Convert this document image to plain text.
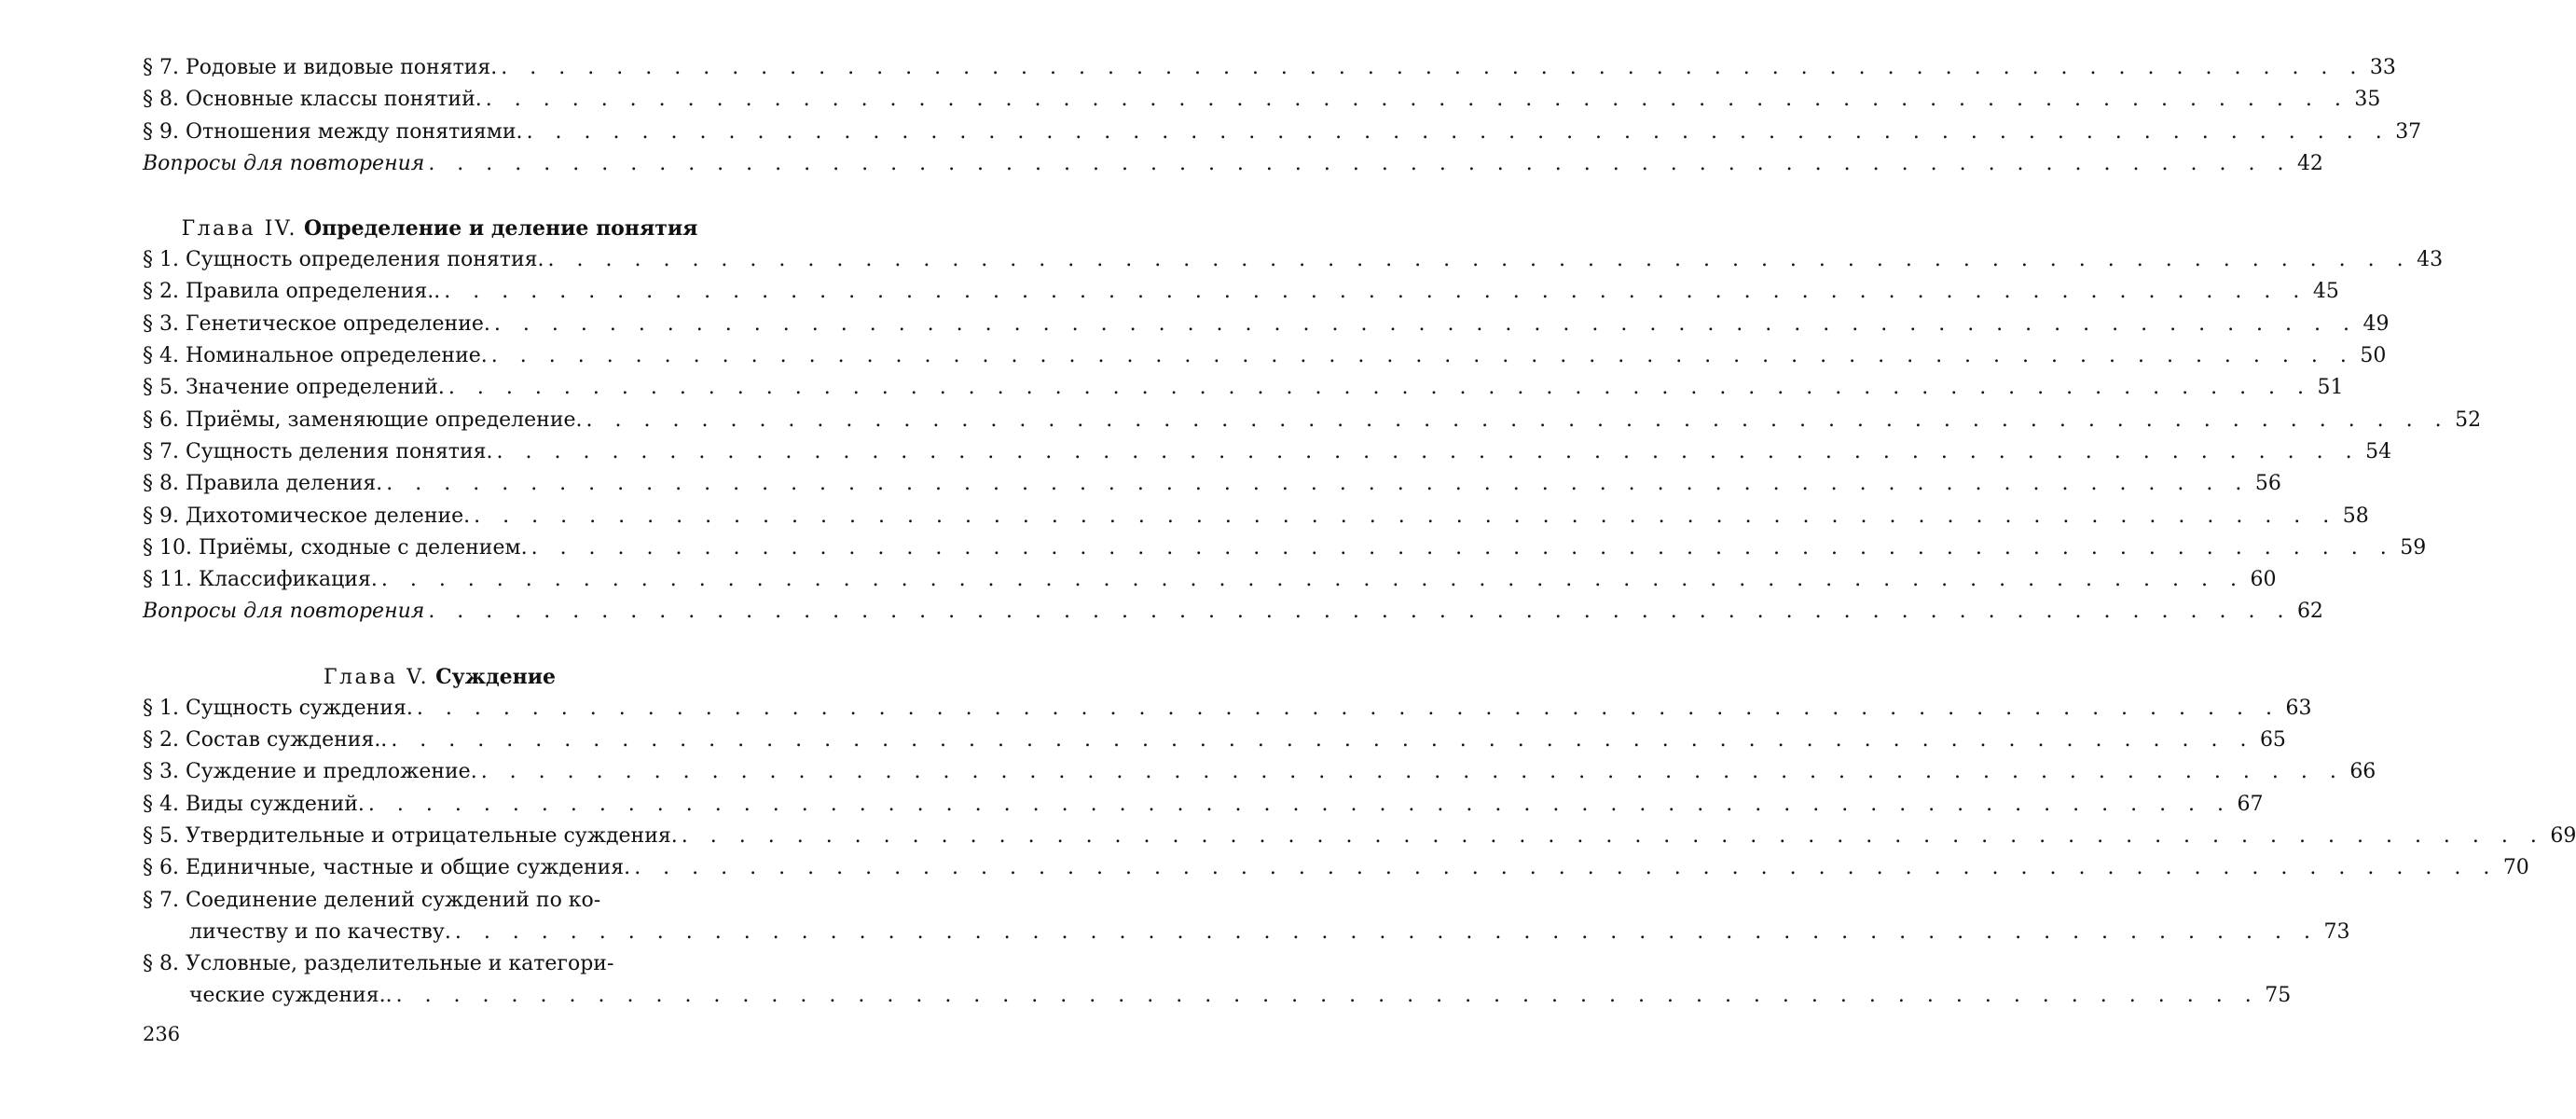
§ 7. Родовые и видовые понятия. . . . . . . . . . . . . . . . . . . . . . . . . . . . . . . . . . . . . . . . . . . . . . . . . . . . . . . . . . . . . . . . . . 33
§ 8. Основные классы понятий. . . . . . . . . . . . . . . . . . . . . . . . . . . . . . . . . . . . . . . . . . . . . . . . . . . . . . . . . . . . . . . . . . 35
§ 9. Отношения между понятиями. . . . . . . . . . . . . . . . . . . . . . . . . . . . . . . . . . . . . . . . . . . . . . . . . . . . . . . . . . . . . . . . . . 37
Вопросы для повторения . . . . . . . . . . . . . . . . . . . . . . . . . . . . . . . . . . . . . . . . . . . . . . . . . . . . . . . . . . . . . . . . . 42
Глава IV. Определение и деление понятия
§ 1. Сущность определения понятия. . . . . . . . . . . . . . . . . . . . . . . . . . . . . . . . . . . . . . . . . . . . . . . . . . . . . . . . . . . . . . . . . . 43
§ 2. Правила определения.. . . . . . . . . . . . . . . . . . . . . . . . . . . . . . . . . . . . . . . . . . . . . . . . . . . . . . . . . . . . . . . . . . 45
§ 3. Генетическое определение. . . . . . . . . . . . . . . . . . . . . . . . . . . . . . . . . . . . . . . . . . . . . . . . . . . . . . . . . . . . . . . . . . 49
§ 4. Номинальное определение. . . . . . . . . . . . . . . . . . . . . . . . . . . . . . . . . . . . . . . . . . . . . . . . . . . . . . . . . . . . . . . . . . 50
§ 5. Значение определений. . . . . . . . . . . . . . . . . . . . . . . . . . . . . . . . . . . . . . . . . . . . . . . . . . . . . . . . . . . . . . . . . . 51
§ 6. Приёмы, заменяющие определение. . . . . . . . . . . . . . . . . . . . . . . . . . . . . . . . . . . . . . . . . . . . . . . . . . . . . . . . . . . . . . . . . . 52
§ 7. Сущность деления понятия. . . . . . . . . . . . . . . . . . . . . . . . . . . . . . . . . . . . . . . . . . . . . . . . . . . . . . . . . . . . . . . . . . 54
§ 8. Правила деления. . . . . . . . . . . . . . . . . . . . . . . . . . . . . . . . . . . . . . . . . . . . . . . . . . . . . . . . . . . . . . . . . . 56
§ 9. Дихотомическое деление. . . . . . . . . . . . . . . . . . . . . . . . . . . . . . . . . . . . . . . . . . . . . . . . . . . . . . . . . . . . . . . . . . 58
§ 10. Приёмы, сходные с делением. . . . . . . . . . . . . . . . . . . . . . . . . . . . . . . . . . . . . . . . . . . . . . . . . . . . . . . . . . . . . . . . . . 59
§ 11. Классификация. . . . . . . . . . . . . . . . . . . . . . . . . . . . . . . . . . . . . . . . . . . . . . . . . . . . . . . . . . . . . . . . . . 60
Вопросы для повторения . . . . . . . . . . . . . . . . . . . . . . . . . . . . . . . . . . . . . . . . . . . . . . . . . . . . . . . . . . . . . . . . . 62
Глава V. Суждение
§ 1. Сущность суждения. . . . . . . . . . . . . . . . . . . . . . . . . . . . . . . . . . . . . . . . . . . . . . . . . . . . . . . . . . . . . . . . . . 63
§ 2. Состав суждения.. . . . . . . . . . . . . . . . . . . . . . . . . . . . . . . . . . . . . . . . . . . . . . . . . . . . . . . . . . . . . . . . . . 65
§ 3. Суждение и предложение. . . . . . . . . . . . . . . . . . . . . . . . . . . . . . . . . . . . . . . . . . . . . . . . . . . . . . . . . . . . . . . . . . 66
§ 4. Виды суждений. . . . . . . . . . . . . . . . . . . . . . . . . . . . . . . . . . . . . . . . . . . . . . . . . . . . . . . . . . . . . . . . . . 67
§ 5. Утвердительные и отрицательные суждения. . . . . . . . . . . . . . . . . . . . . . . . . . . . . . . . . . . . . . . . . . . . . . . . . . . . . . . . . . . . . . . . . . 69
§ 6. Единичные, частные и общие суждения. . . . . . . . . . . . . . . . . . . . . . . . . . . . . . . . . . . . . . . . . . . . . . . . . . . . . . . . . . . . . . . . . . 70
§ 7. Соединение делений суждений по ко-
личеству и по качеству. . . . . . . . . . . . . . . . . . . . . . . . . . . . . . . . . . . . . . . . . . . . . . . . . . . . . . . . . . . . . . . . . . 73
§ 8. Условные, разделительные и категори-
ческие суждения.. . . . . . . . . . . . . . . . . . . . . . . . . . . . . . . . . . . . . . . . . . . . . . . . . . . . . . . . . . . . . . . . . . 75
236
